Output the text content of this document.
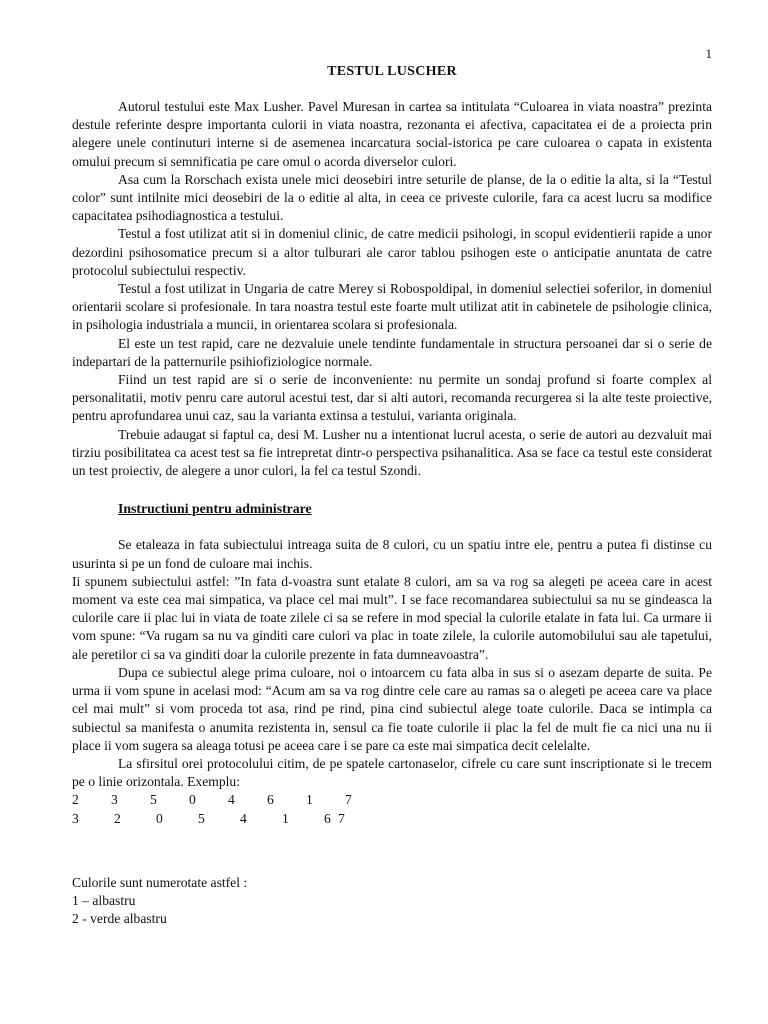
1
TESTUL LUSCHER

Autorul testului este Max Lusher. Pavel Muresan in cartea sa intitulata “Culoarea in viata noastra” prezinta destule referinte despre importanta culorii in viata noastra, rezonanta ei afectiva, capacitatea ei de a proiecta prin alegere unele continuturi interne si de asemenea incarcatura social-istorica pe care culoarea o capata in existenta omului precum si semnificatia pe care omul o acorda diverselor culori.

Asa cum la Rorschach exista unele mici deosebiri intre seturile de planse, de la o editie la alta, si la “Testul color” sunt intilnite mici deosebiri de la o editie al alta, in ceea ce priveste culorile, fara ca acest lucru sa modifice capacitatea psihodiagnostica a testului.

Testul a fost utilizat atit si in domeniul clinic, de catre medicii psihologi, in scopul evidentierii rapide a unor dezordini psihosomatice precum si a altor tulburari ale caror tablou psihogen este o anticipatie anuntata de catre protocolul subiectului respectiv.

Testul a fost utilizat in Ungaria de catre Merey si Robospoldipal, in domeniul selectiei soferilor, in domeniul orientarii scolare si profesionale. In tara noastra testul este foarte mult utilizat atit in cabinetele de psihologie clinica, in psihologia industriala a muncii, in orientarea scolara si profesionala.

El este un test rapid, care ne dezvaluie unele tendinte fundamentale in structura persoanei dar si o serie de indepartari de la patternurile psihiofiziologice normale.

Fiind un test rapid are si o serie de inconveniente: nu permite un sondaj profund si foarte complex al personalitatii, motiv penru care autorul acestui test, dar si alti autori, recomanda recurgerea si la alte teste proiective, pentru aprofundarea unui caz, sau la varianta extinsa a testului, varianta originala.

Trebuie adaugat si faptul ca, desi M. Lusher nu a intentionat lucrul acesta, o serie de autori au dezvaluit mai tirziu posibilitatea ca acest test sa fie intrepretat dintr-o perspectiva psihanalitica. Asa se face ca testul este considerat un test proiectiv, de alegere a unor culori, la fel ca testul Szondi.

Instructiuni pentru administrare

Se etaleaza in fata subiectului intreaga suita de 8 culori, cu un spatiu intre ele, pentru a putea fi distinse cu usurinta si pe un fond de culoare mai inchis.

Ii spunem subiectului astfel: ”In fata d-voastra sunt etalate 8 culori, am sa va rog sa alegeti pe aceea care in acest moment va este cea mai simpatica, va place cel mai mult”. I se face recomandarea subiectului sa nu se gindeasca la culorile care ii plac lui in viata de toate zilele ci sa se refere in mod special la culorile etalate in fata lui. Ca urmare ii vom spune: “Va rugam sa nu va ginditi care culori va plac in toate zilele, la culorile automobilului sau ale tapetului, ale peretilor ci sa va ginditi doar la culorile prezente in fata dumneavoastra”.

Dupa ce subiectul alege prima culoare, noi o intoarcem cu fata alba in sus si o asezam departe de suita. Pe urma ii vom spune in acelasi mod: “Acum am sa va rog dintre cele care au ramas sa o alegeti pe aceea care va place cel mai mult” si vom proceda tot asa, rind pe rind, pina cind subiectul alege toate culorile. Daca se intimpla ca subiectul sa manifesta o anumita rezistenta in, sensul ca fie toate culorile ii plac la fel de mult fie ca nici una nu ii place ii vom sugera sa aleaga totusi pe aceea care i se pare ca este mai simpatica decit celelalte.

La sfirsitul orei protocolului citim, de pe spatele cartonaselor, cifrele cu care sunt inscriptionate si le trecem pe o linie orizontala. Exemplu:

2	3	5	0	4	6	1	7
3	2	0	5	4	1	6 7

Culorile sunt numerotate astfel :

1 – albastru

2 - verde albastru
